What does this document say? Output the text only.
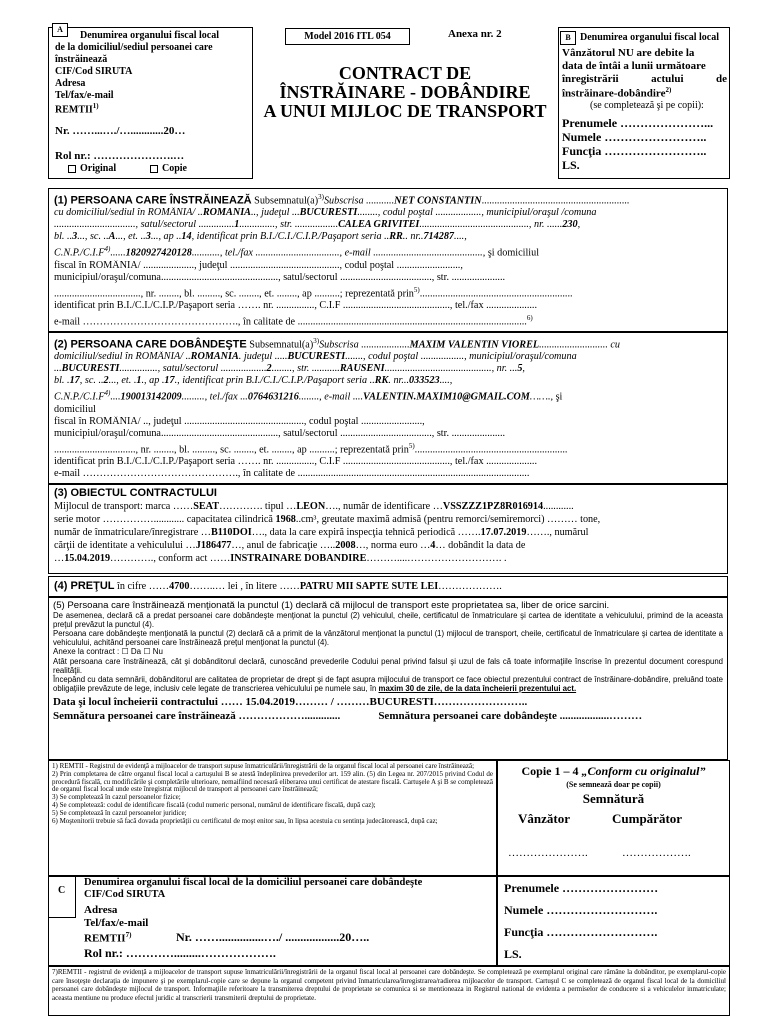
A
Denumirea organului fiscal local
de la domiciliul/sediul persoanei care
înstrăinează
CIF/Cod SIRUTA
Adresa
Tel/fax/e-mail
REMTII$^{1)}$
Nr. ……...…./…............20…
Rol nr.: ………………….…
Original	Copie
Model 2016 ITL 054	Anexa nr. 2
CONTRACT DE
ÎNSTRĂINARE - DOBÂNDIRE
A UNUI MIJLOC DE TRANSPORT
B Denumirea organului fiscal local
Vânzătorul NU are debite la
data de întâi a lunii următoare
înregistrării actului de
înstrăinare-dobândire$^{2)}$
(se completează şi pe copii):
Prenumele …………………...
Numele ……………………..
Funcţia ……………………..
LS.
(1) PERSOANA CARE ÎNSTRĂINEAZĂ $Subsemnatul(a)^{3)}Subscrisa$ ...........NET CONSTANTIN..........................................................
cu domiciliul/sediul în ROMÂNIA/ ..ROMANIA.., judeţul ...BUCURESTI........, codul poştal .................., municipiul/oraşul /comuna
................................, satul/sectorul ..............1.............., str. .................CALEA GRIVITEI..........................................., nr. ......230,
bl. ..3..., sc. ..A..., et. ..3..., ap ..14, identificat prin B.I./C.I./C.I.P./Paşaport seria ..RR.. nr..714287....,
$C.N.P./C.I.F^{4)}......1820927420128$..........., tel./fax ................................., e-mail ..........................................., şi domiciliul
fiscal în ROMÂNIA/ ...................., judeţul ..........................................., codul poştal .........................,
municipiul/oraşul/comuna.............................................., satul/sectorul ...................................., str. .....................
.................................., nr. ........, bl. ........., sc. ........, et. ........, ap ..........; reprezentată prin$^{5)}$............................................................
identificat prin B.I./C.I./C.I.P./Paşaport seria ……. nr. ..............., C.I.F .........................................., tel./fax ....................
e-mail ………………………………………., în calitate de ..........................................................................................$^{6)}$
(2) PERSOANA CARE DOBÂNDEŞTE $Subsemnatul(a)^{3)}Subscrisa$ ...................MAXIM VALENTIN VIOREL........................... cu
domiciliul/sediul în ROMÂNIA/ ..ROMANIA. judeţul .....BUCURESTI......., codul poştal ................., municipiul/oraşul/comuna
...BUCURESTI..............., satul/sectorul ..................2........, str. ...........RAUSENI.........................................., nr. ...5,
bl. .17, sc. ..2..., et. .1., ap .17., identificat prin B.I./C.I./C.I.P./Paşaport seria ..RK. nr...033523....,
$C.N.P./C.I.F^{4)}....190013142009$........., tel./fax ...0764631216........, e-mail ....VALENTIN.MAXIM10@GMAIL.COM……., şi
domiciliul
fiscal în ROMÂNIA/ .., judeţul ..............................................., codul poştal ........................,
municipiul/oraşul/comuna.............................................., satul/sectorul ...................................., str. .....................
................................, nr. ........, bl. ........., sc. ........, et. ........, ap ..........; reprezentată prin$^{5)}$............................................................
identificat prin B.I./C.I./C.I.P./Paşaport seria ……. nr. ..............., C.I.F .........................................., tel./fax ....................
e-mail ………………………………………., în calitate de ...........................................................................................
(3) OBIECTUL CONTRACTULUI
Mijlocul de transport: marca ……SEAT…………. tipul …LEON…., număr de identificare …VSSZZZ1PZ8R016914............
serie motor ……………............ capacitatea cilindrică 1968..cm³, greutate maximă admisă (pentru remorci/semiremorci) ……… tone,
număr de înmatriculare/înregistrare …B110DOI…., data la care expiră inspecţia tehnică periodică …….17.07.2019……., numărul
cărţii de identitate a vehiculului …J186477…, anul de fabricaţie …..2008…, norma euro …4… dobândit la data de
…15.04.2019…………., conform act ……INSTRAINARE DOBANDIRE………....………………………. .
(4) PREŢUL în cifre ……4700……..… lei , în litere ……PATRU MII SAPTE SUTE LEI……………….
(5) Persoana care înstrăinează menţionată la punctul (1) declară că mijlocul de transport este proprietatea sa, liber de orice sarcini.
De asemenea, declară că a predat persoanei care dobândeşte menţionat la punctul (2) vehiculul, cheile, certificatul de înmatriculare şi cartea de identitate a vehiculului, primind de la aceasta preţul prevăzut la punctul (4).
Persoana care dobândeşte menţionată la punctul (2) declară că a primit de la vânzătorul menţionat la punctul (1) mijlocul de transport, cheile, certificatul de înmatriculare şi cartea de identitate a vehiculului, achitând persoanei care înstrăinează preţul menţionat la punctul (4).
Anexe la contract : ☐ Da ☐ Nu
Atât persoana care înstrăinează, cât şi dobânditorul declară, cunoscând prevederile Codului penal privind falsul şi uzul de fals că toate informaţiile înscrise în prezentul document corespund realităţii.
Începând cu data semnării, dobânditorul are calitatea de proprietar de drept şi de fapt asupra mijlocului de transport ce face obiectul prezentului contract de înstrăinare-dobândire, preluând toate obligaţiile prevăzute de lege, inclusiv cele legate de transcrierea vehiculului pe numele sau, în maxim 30 de zile, de la data încheierii prezentului act.
Data şi locul încheierii contractului …… 15.04.2019……… / ………BUCURESTI……………………..
Semnătura persoanei care înstrăinează ……………….............	Semnătura persoanei care dobândeşte ..................………
1) REMTII - Registrul de evidenţă a mijloacelor de transport supuse înmatriculării/înregistrării de la organul fiscal local al persoanei care înstrăinează;
2) Prin completarea de către organul fiscal local a cartuşului B se atestă îndeplinirea prevederilor art. 159 alin. (5) din Legea nr. 207/2015 privind Codul de procedură fiscală, cu modificările şi completările ulterioare, nemaifiind necesară eliberarea unui certificat de atestare fiscală. Cartuşele A şi B se completează de organul fiscal local unde este înregistrat mijlocul de transport al persoanei care înstrăinează;
3) Se completează în cazul persoanelor fizice;
4) Se completează: codul de identificare fiscală (codul numeric personal, numărul de identificare fiscală, după caz);
5) Se completează în cazul persoanelor juridice;
6) Moştenitorii trebuie să facă dovada proprietăţii cu certificatul de moşt enitor sau, în lipsa acestuia cu sentinţa judecătorească, după caz;
Copie 1 – 4 „Conform cu originalul”
(Se semnează doar pe copii)
Semnătură
Vânzător	Cumpărător
………………….	……………….
C
Denumirea organului fiscal local de la domiciliul persoanei care dobândeşte
CIF/Cod SIRUTA
Adresa
Tel/fax/e-mail
REMTII$^{7)}$	Nr. ……...............…./ ..................20…..
Rol nr.: ………….........……………….
Prenumele ……………………
Numele ……………………….
Funcţia ……………………….
LS.
7)REMTII - registrul de evidenţă a mijloacelor de transport supuse înmatriculării/înregistrării de la organul fiscal local al persoanei care dobândeşte. Se completează pe exemplarul original care rămâne la dobânditor, pe exemplarul-copie care însoţeşte declaraţia de impunere şi pe exemplarul-copie care se depune la organul competent privind înmatricularea/înregistrarea/radierea mijloacelor de transport. Cartuşul C se completează de organul fiscal local de la domiciliul persoanei care dobândeşte mijlocul de transport. Informaţiile referitoare la transmiterea dreptului de proprietate se comunica si se mentioneaza in Registrul national de evidenta a permiselor de conducere si a vehiculelor inmatriculate; aceasta mentiune nu produce efectul juridic al transcrierii transmiterii dreptului de proprietate.
